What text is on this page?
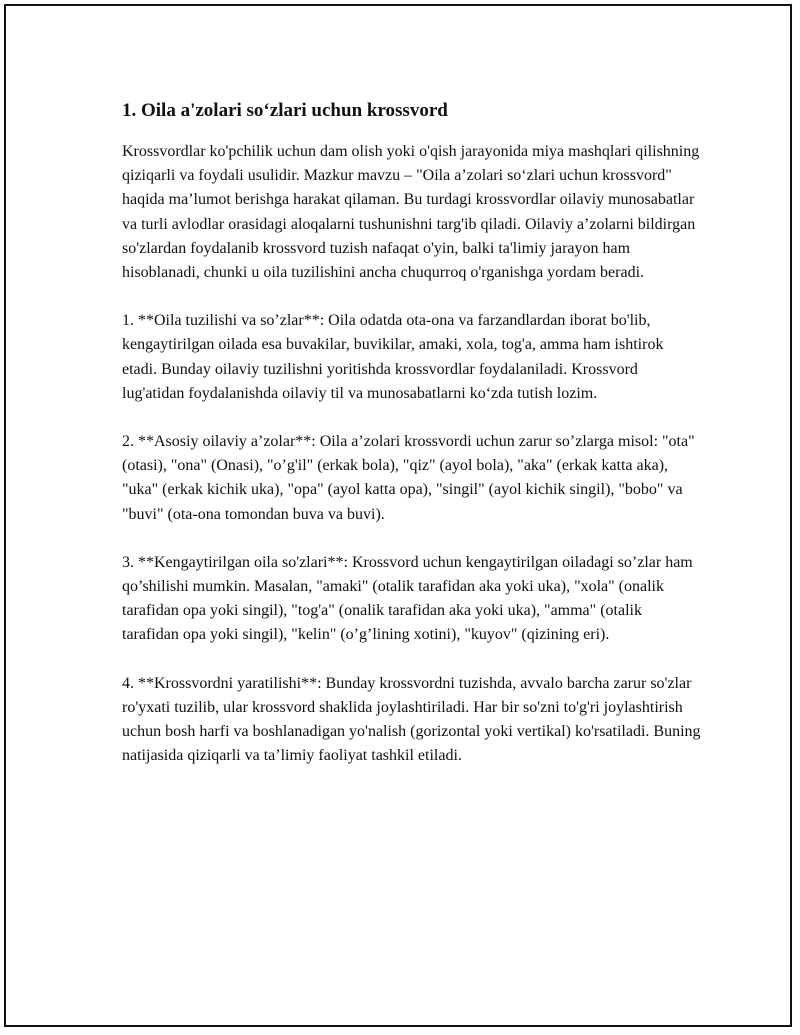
1. Oila a'zolari so‘zlari uchun krossvord

Krossvordlar ko'pchilik uchun dam olish yoki o'qish jarayonida miya mashqlari qilishning qiziqarli va foydali usulidir. Mazkur mavzu – "Oila a’zolari so‘zlari uchun krossvord" haqida ma’lumot berishga harakat qilaman. Bu turdagi krossvordlar oilaviy munosabatlar va turli avlodlar orasidagi aloqalarni tushunishni targ'ib qiladi. Oilaviy a’zolarni bildirgan so'zlardan foydalanib krossvord tuzish nafaqat o'yin, balki ta'limiy jarayon ham hisoblanadi, chunki u oila tuzilishini ancha chuqurroq o'rganishga yordam beradi.

1. **Oila tuzilishi va so’zlar**: Oila odatda ota-ona va farzandlardan iborat bo'lib, kengaytirilgan oilada esa buvakilar, buvikilar, amaki, xola, tog'a, amma ham ishtirok etadi. Bunday oilaviy tuzilishni yoritishda krossvordlar foydalaniladi. Krossvord lug'atidan foydalanishda oilaviy til va munosabatlarni ko‘zda tutish lozim.

2. **Asosiy oilaviy a’zolar**: Oila a’zolari krossvordi uchun zarur so’zlarga misol: "ota" (otasi), "ona" (Onasi), "o’g'il" (erkak bola), "qiz" (ayol bola), "aka" (erkak katta aka), "uka" (erkak kichik uka), "opa" (ayol katta opa), "singil" (ayol kichik singil), "bobo" va "buvi" (ota-ona tomondan buva va buvi).

3. **Kengaytirilgan oila so'zlari**: Krossvord uchun kengaytirilgan oiladagi so’zlar ham qo’shilishi mumkin. Masalan, "amaki" (otalik tarafidan aka yoki uka), "xola" (onalik tarafidan opa yoki singil), "tog'a" (onalik tarafidan aka yoki uka), "amma" (otalik tarafidan opa yoki singil), "kelin" (o’g’lining xotini), "kuyov" (qizining eri).

4. **Krossvordni yaratilishi**: Bunday krossvordni tuzishda, avvalo barcha zarur so'zlar ro'yxati tuzilib, ular krossvord shaklida joylashtiriladi. Har bir so'zni to'g'ri joylashtirish uchun bosh harfi va boshlanadigan yo'nalish (gorizontal yoki vertikal) ko'rsatiladi. Buning natijasida qiziqarli va ta’limiy faoliyat tashkil etiladi.
